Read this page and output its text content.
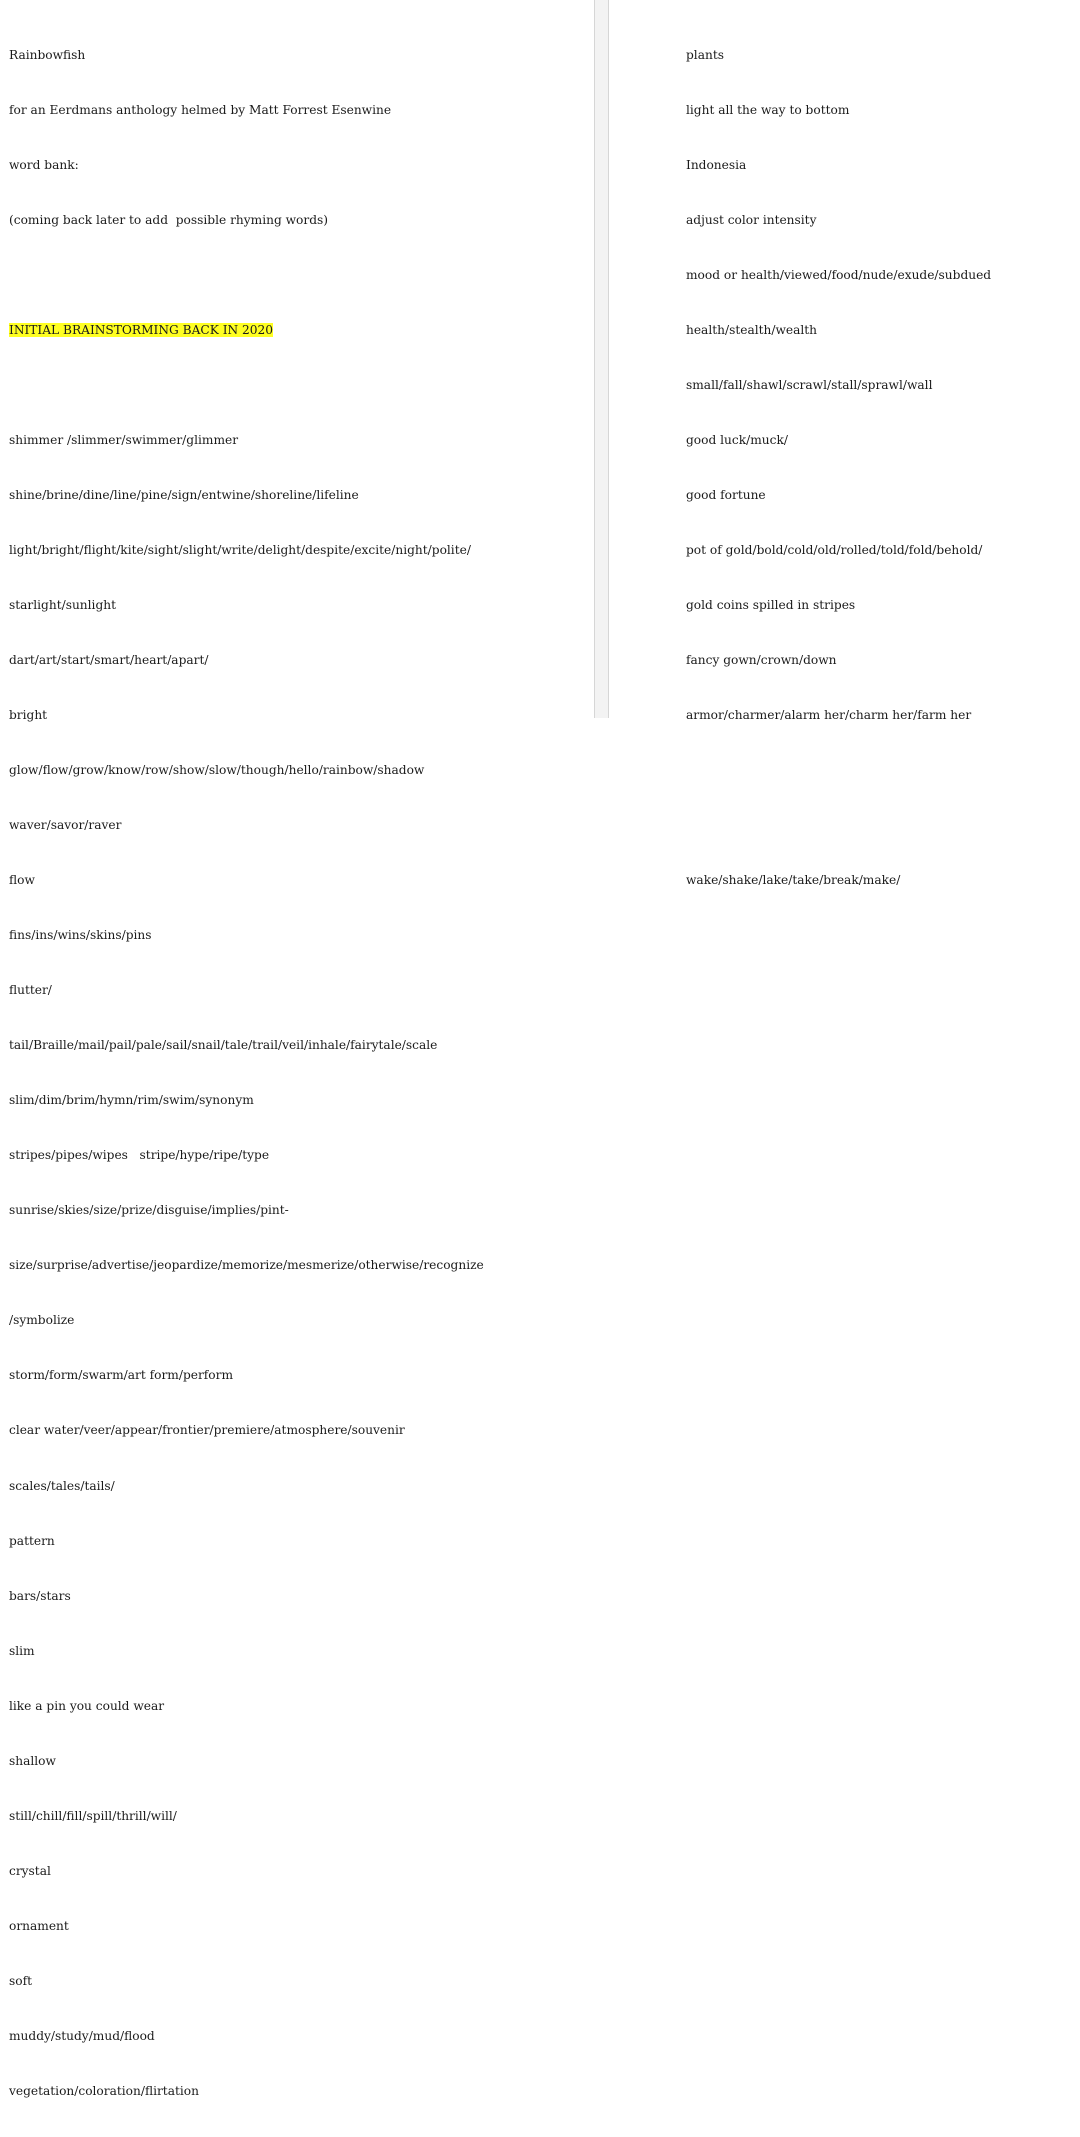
Rainbowfish

for an Eerdmans anthology helmed by Matt Forrest Esenwine

word bank:

(coming back later to add  possible rhyming words)

INITIAL BRAINSTORMING BACK IN 2020

shimmer /slimmer/swimmer/glimmer

shine/brine/dine/line/pine/sign/entwine/shoreline/lifeline

light/bright/flight/kite/sight/slight/write/delight/despite/excite/night/polite/

starlight/sunlight

dart/art/start/smart/heart/apart/

bright

glow/flow/grow/know/row/show/slow/though/hello/rainbow/shadow

waver/savor/raver

flow

fins/ins/wins/skins/pins

flutter/

tail/Braille/mail/pail/pale/sail/snail/tale/trail/veil/inhale/fairytale/scale

slim/dim/brim/hymn/rim/swim/synonym

stripes/pipes/wipes   stripe/hype/ripe/type

sunrise/skies/size/prize/disguise/implies/pint-

size/surprise/advertise/jeopardize/memorize/mesmerize/otherwise/recognize

/symbolize

storm/form/swarm/art form/perform

clear water/veer/appear/frontier/premiere/atmosphere/souvenir

scales/tales/tails/

pattern

bars/stars

slim

like a pin you could wear

shallow

still/chill/fill/spill/thrill/will/

crystal

ornament

soft

muddy/study/mud/flood

vegetation/coloration/flirtation

plants

light all the way to bottom

Indonesia

adjust color intensity

mood or health/viewed/food/nude/exude/subdued

health/stealth/wealth

small/fall/shawl/scrawl/stall/sprawl/wall

good luck/muck/

good fortune

pot of gold/bold/cold/old/rolled/told/fold/behold/

gold coins spilled in stripes

fancy gown/crown/down

armor/charmer/alarm her/charm her/farm her

wake/shake/lake/take/break/make/
